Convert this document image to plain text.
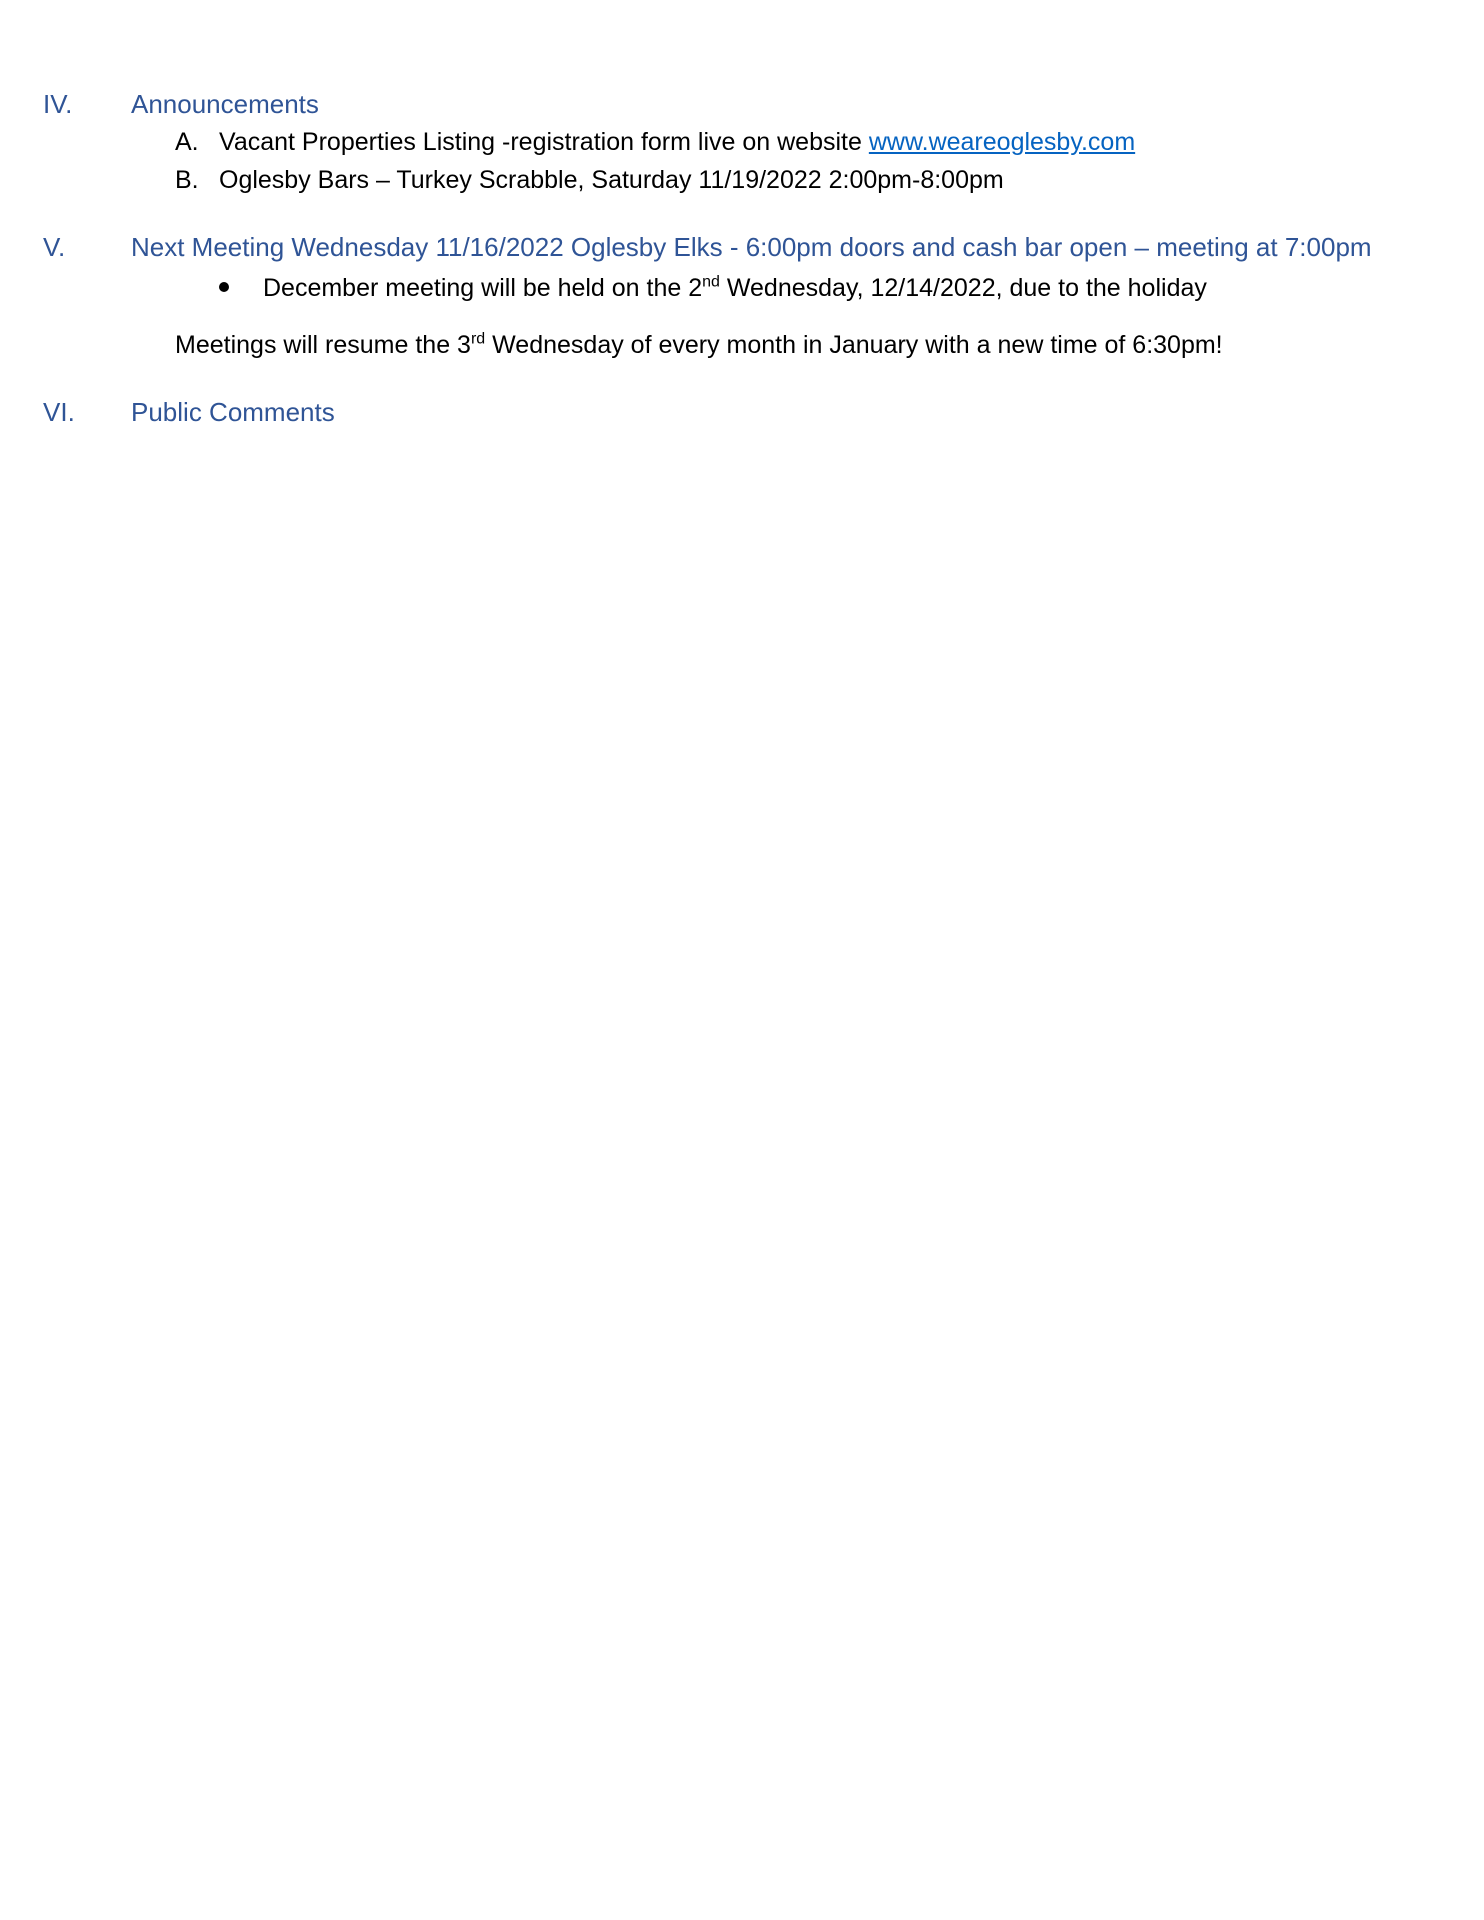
IV. Announcements
A. Vacant Properties Listing -registration form live on website www.weareoglesby.com
B. Oglesby Bars – Turkey Scrabble, Saturday 11/19/2022 2:00pm-8:00pm
V.	Next Meeting Wednesday 11/16/2022 Oglesby Elks - 6:00pm doors and cash bar open – meeting at 7:00pm
December meeting will be held on the 2nd Wednesday, 12/14/2022, due to the holiday
Meetings will resume the 3rd Wednesday of every month in January with a new time of 6:30pm!
VI. Public Comments
